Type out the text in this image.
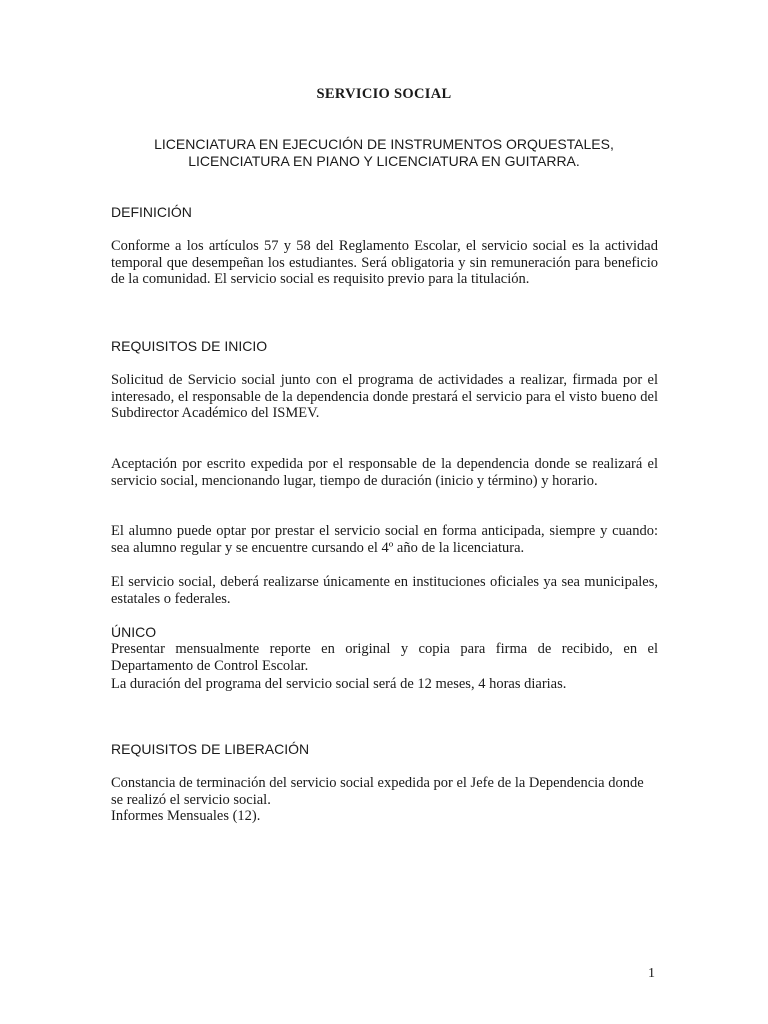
SERVICIO SOCIAL
LICENCIATURA EN EJECUCIÓN DE INSTRUMENTOS ORQUESTALES,
LICENCIATURA EN PIANO Y LICENCIATURA EN GUITARRA.
DEFINICIÓN

Conforme a los artículos 57 y 58 del Reglamento Escolar, el servicio social es la actividad temporal que desempeñan los estudiantes. Será obligatoria y sin remuneración para beneficio de la comunidad. El servicio social es requisito previo para la titulación.

REQUISITOS DE INICIO

Solicitud de Servicio social junto con el programa de actividades a realizar, firmada por el interesado, el responsable de la dependencia donde prestará el servicio para el visto bueno del Subdirector Académico del ISMEV.

Aceptación por escrito expedida por el responsable de la dependencia donde se realizará el servicio social, mencionando lugar, tiempo de duración (inicio y término) y horario.

El alumno puede optar por prestar el servicio social en forma anticipada, siempre y cuando: sea alumno regular y se encuentre cursando el 4º año de la licenciatura.

El servicio social, deberá realizarse únicamente en instituciones oficiales ya sea municipales, estatales o federales.

ÚNICO

Presentar mensualmente reporte en original y copia para firma de recibido, en el Departamento de Control Escolar.

La duración del programa del servicio social será de 12 meses, 4 horas diarias.
REQUISITOS DE LIBERACIÓN

Constancia de terminación del servicio social expedida por el Jefe de la Dependencia donde se realizó el servicio social.

Informes Mensuales (12).
1
